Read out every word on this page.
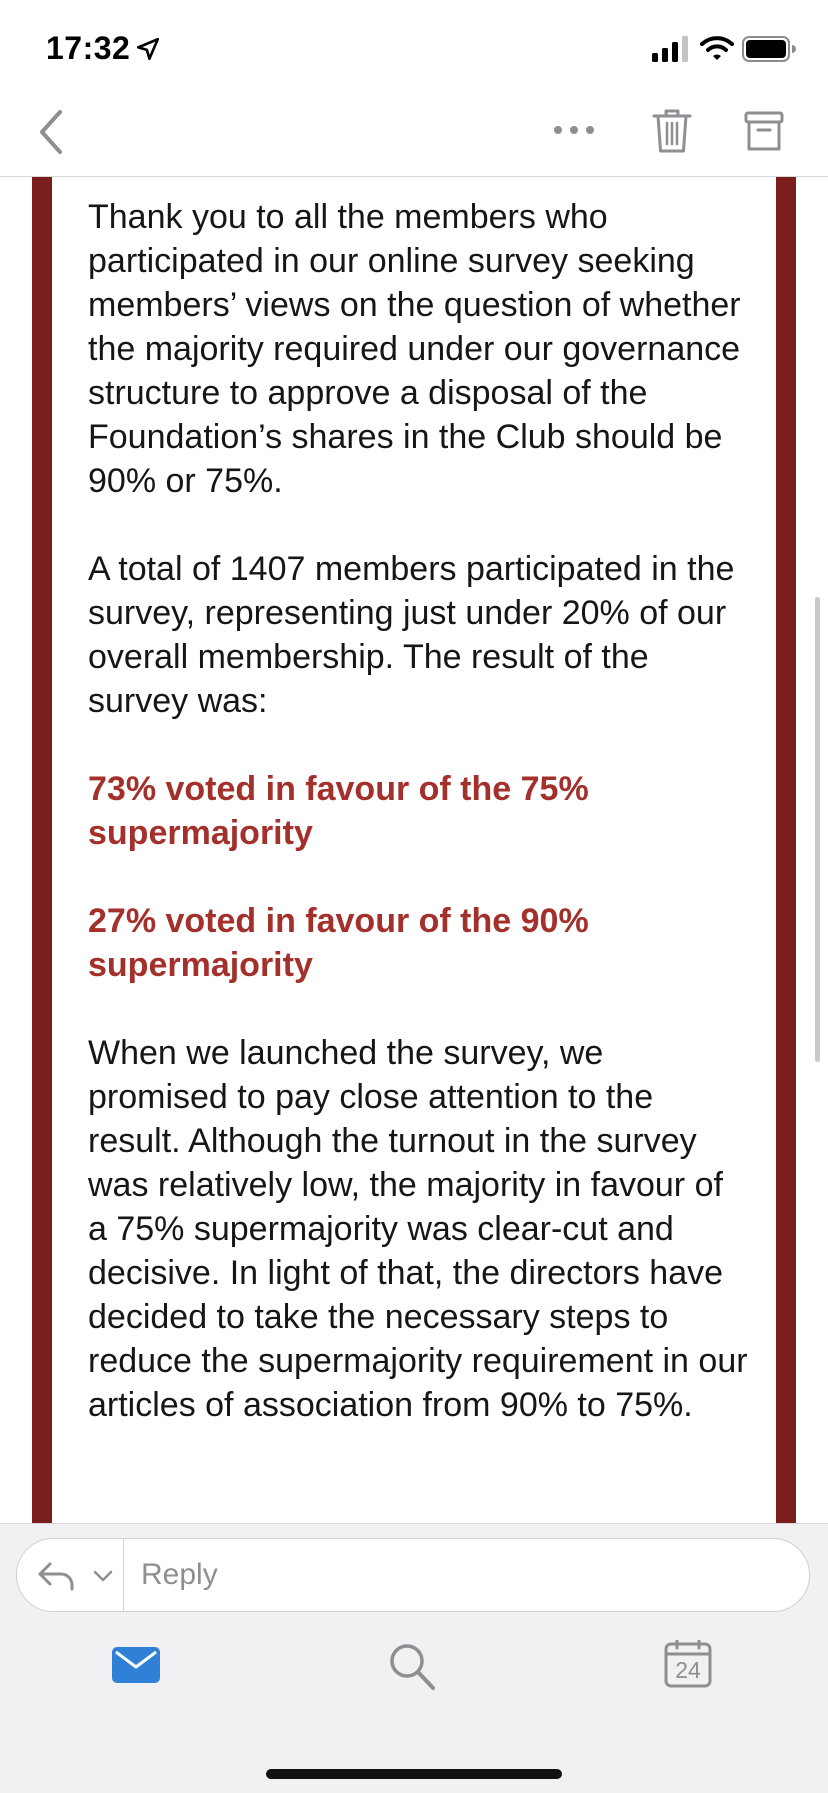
17:32

Thank you to all the members who participated in our online survey seeking members’ views on the question of whether the majority required under our governance structure to approve a disposal of the Foundation’s shares in the Club should be 90% or 75%.

A total of 1407 members participated in the survey, representing just under 20% of our overall membership. The result of the survey was:

73% voted in favour of the 75% supermajority

27% voted in favour of the 90% supermajority

When we launched the survey, we promised to pay close attention to the result. Although the turnout in the survey was relatively low, the majority in favour of a 75% supermajority was clear-cut and decisive. In light of that, the directors have decided to take the necessary steps to reduce the supermajority requirement in our articles of association from 90% to 75%.

Reply
24
